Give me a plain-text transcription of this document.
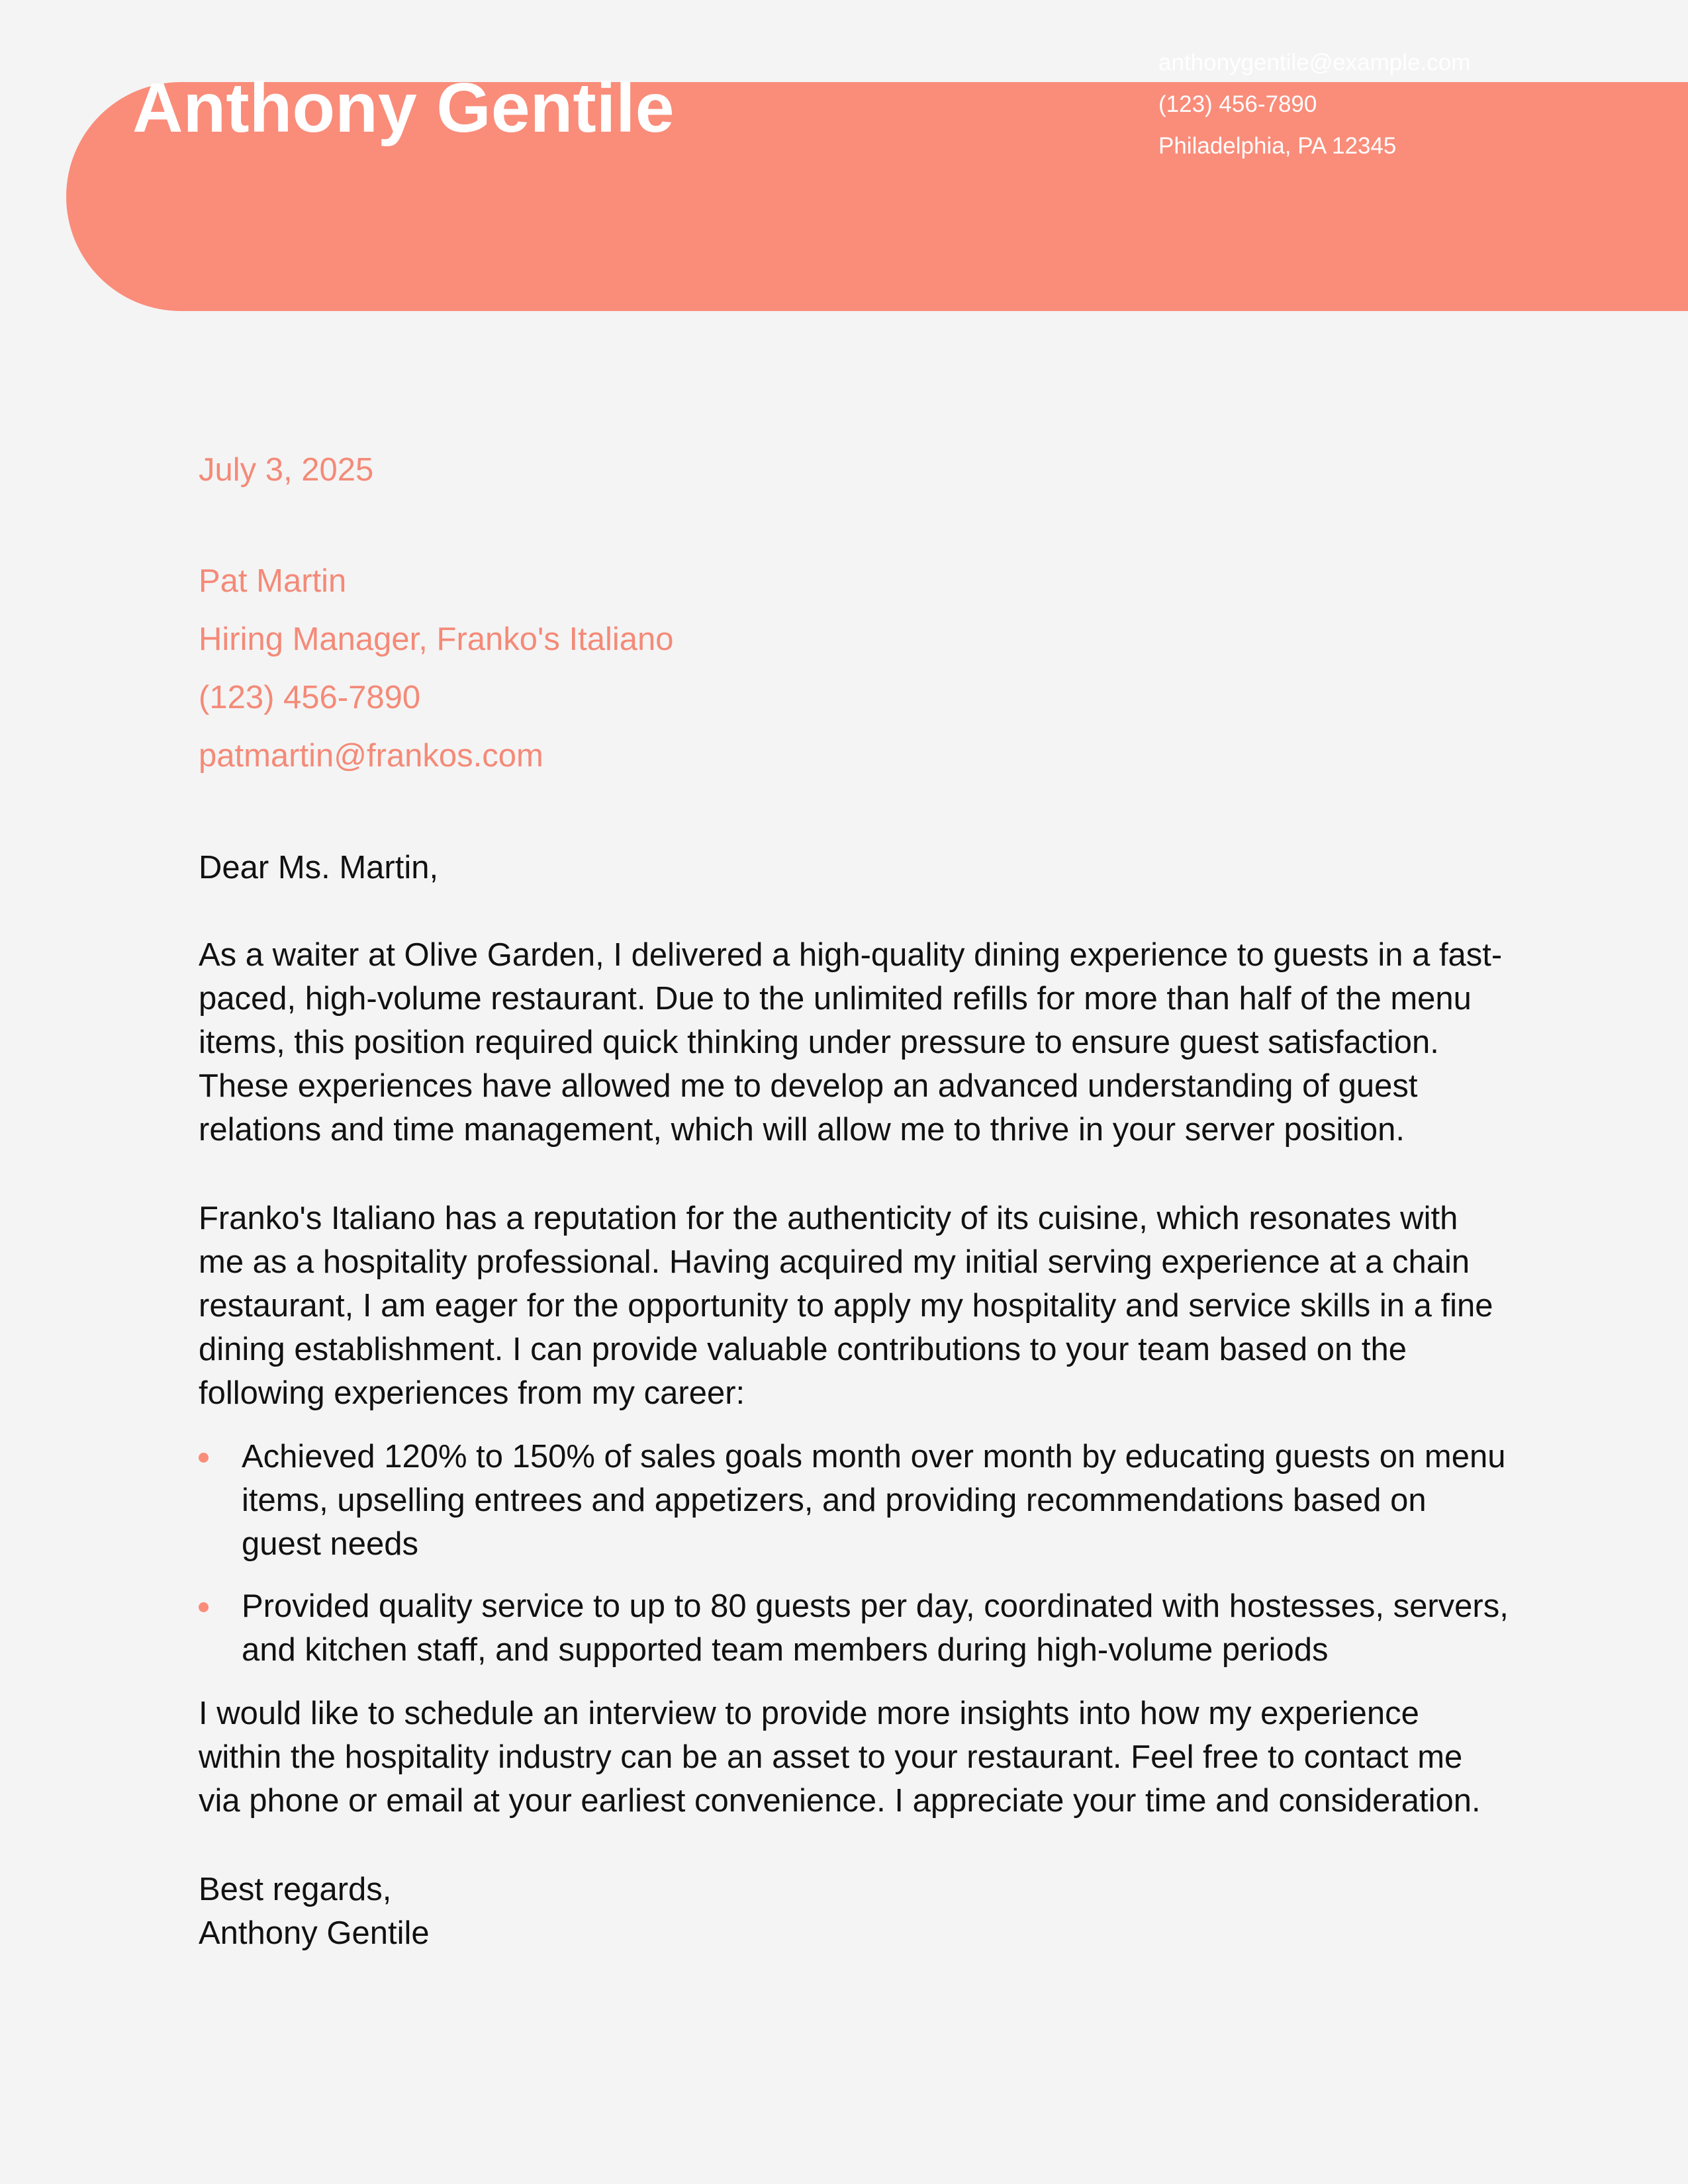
Anthony Gentile
anthonygentile@example.com
(123) 456-7890
Philadelphia, PA 12345
July 3, 2025
Pat Martin
Hiring Manager, Franko's Italiano
(123) 456-7890
patmartin@frankos.com

Dear Ms. Martin,

As a waiter at Olive Garden, I delivered a high-quality dining experience to guests in a fast-paced, high-volume restaurant. Due to the unlimited refills for more than half of the menu items, this position required quick thinking under pressure to ensure guest satisfaction. These experiences have allowed me to develop an advanced understanding of guest relations and time management, which will allow me to thrive in your server position.

Franko's Italiano has a reputation for the authenticity of its cuisine, which resonates with me as a hospitality professional. Having acquired my initial serving experience at a chain restaurant, I am eager for the opportunity to apply my hospitality and service skills in a fine dining establishment. I can provide valuable contributions to your team based on the following experiences from my career:

Achieved 120% to 150% of sales goals month over month by educating guests on menu items, upselling entrees and appetizers, and providing recommendations based on guest needs
Provided quality service to up to 80 guests per day, coordinated with hostesses, servers, and kitchen staff, and supported team members during high-volume periods

I would like to schedule an interview to provide more insights into how my experience within the hospitality industry can be an asset to your restaurant. Feel free to contact me via phone or email at your earliest convenience. I appreciate your time and consideration.

Best regards,

Anthony Gentile
